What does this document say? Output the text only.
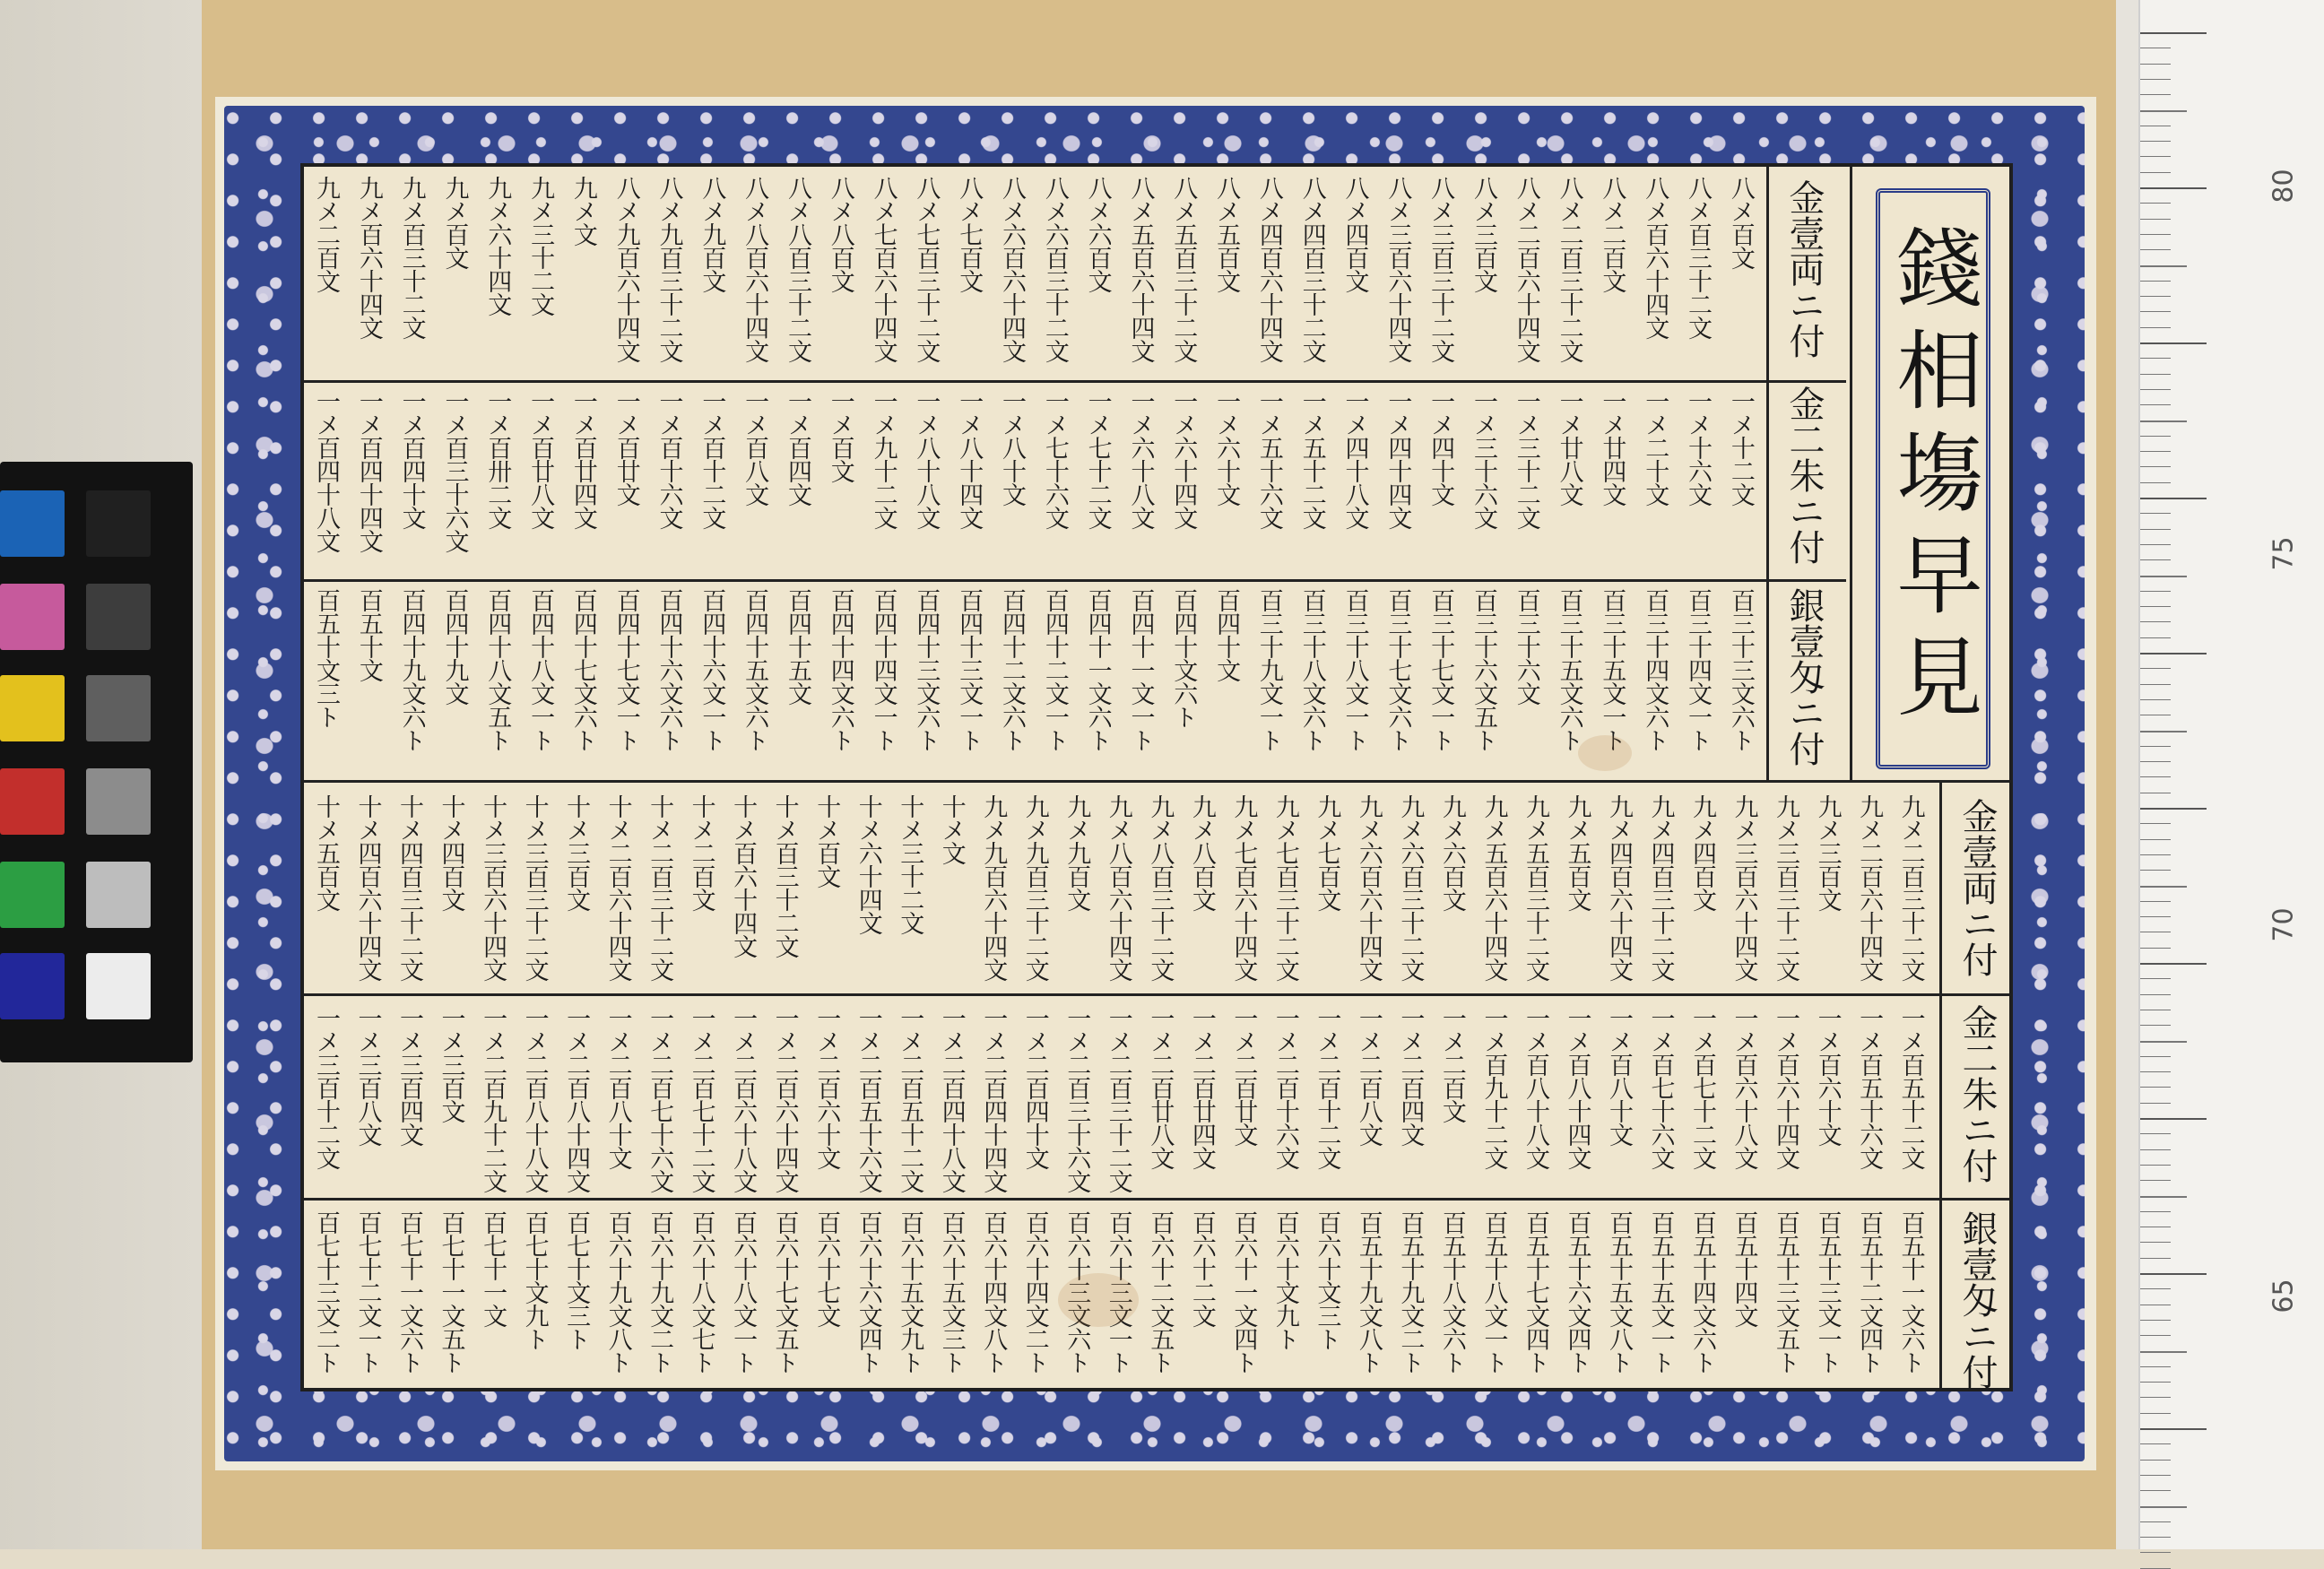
80
75
70
65
八メ百文
八メ百三十二文
八メ百六十四文
八メ二百文
八メ二百三十二文
八メ二百六十四文
八メ三百文
八メ三百三十二文
八メ三百六十四文
八メ四百文
八メ四百三十二文
八メ四百六十四文
八メ五百文
八メ五百三十二文
八メ五百六十四文
八メ六百文
八メ六百三十二文
八メ六百六十四文
八メ七百文
八メ七百三十二文
八メ七百六十四文
八メ八百文
八メ八百三十二文
八メ八百六十四文
八メ九百文
八メ九百三十二文
八メ九百六十四文
九メ文
九メ三十二文
九メ六十四文
九メ百文
九メ百三十二文
九メ百六十四文
九メ二百文
一メ十二文
一メ十六文
一メ二十文
一メ廿四文
一メ廿八文
一メ三十二文
一メ三十六文
一メ四十文
一メ四十四文
一メ四十八文
一メ五十二文
一メ五十六文
一メ六十文
一メ六十四文
一メ六十八文
一メ七十二文
一メ七十六文
一メ八十文
一メ八十四文
一メ八十八文
一メ九十二文
一メ百文
一メ百四文
一メ百八文
一メ百十二文
一メ百十六文
一メ百廿文
一メ百廿四文
一メ百廿八文
一メ百卅二文
一メ百三十六文
一メ百四十文
一メ百四十四文
一メ百四十八文
百三十三文六ト
百三十四文一ト
百三十四文六ト
百三十五文一ト
百三十五文六ト
百三十六文
百三十六文五ト
百三十七文一ト
百三十七文六ト
百三十八文一ト
百三十八文六ト
百三十九文一ト
百四十文
百四十文六ト
百四十一文一ト
百四十一文六ト
百四十二文一ト
百四十二文六ト
百四十三文一ト
百四十三文六ト
百四十四文一ト
百四十四文六ト
百四十五文
百四十五文六ト
百四十六文一ト
百四十六文六ト
百四十七文一ト
百四十七文六ト
百四十八文一ト
百四十八文五ト
百四十九文
百四十九文六ト
百五十文
百五十文三ト
九メ二百三十二文
九メ二百六十四文
九メ三百文
九メ三百三十二文
九メ三百六十四文
九メ四百文
九メ四百三十二文
九メ四百六十四文
九メ五百文
九メ五百三十二文
九メ五百六十四文
九メ六百文
九メ六百三十二文
九メ六百六十四文
九メ七百文
九メ七百三十二文
九メ七百六十四文
九メ八百文
九メ八百三十二文
九メ八百六十四文
九メ九百文
九メ九百三十二文
九メ九百六十四文
十メ文
十メ三十二文
十メ六十四文
十メ百文
十メ百三十二文
十メ百六十四文
十メ二百文
十メ二百三十二文
十メ二百六十四文
十メ三百文
十メ三百三十二文
十メ三百六十四文
十メ四百文
十メ四百三十二文
十メ四百六十四文
十メ五百文
一メ百五十二文
一メ百五十六文
一メ百六十文
一メ百六十四文
一メ百六十八文
一メ百七十二文
一メ百七十六文
一メ百八十文
一メ百八十四文
一メ百八十八文
一メ百九十二文
一メ二百文
一メ二百四文
一メ二百八文
一メ二百十二文
一メ二百十六文
一メ二百廿文
一メ二百廿四文
一メ二百廿八文
一メ二百三十二文
一メ二百三十六文
一メ二百四十文
一メ二百四十四文
一メ二百四十八文
一メ二百五十二文
一メ二百五十六文
一メ二百六十文
一メ二百六十四文
一メ二百六十八文
一メ二百七十二文
一メ二百七十六文
一メ二百八十文
一メ二百八十四文
一メ二百八十八文
一メ二百九十二文
一メ三百文
一メ三百四文
一メ三百八文
一メ三百十二文
百五十一文六ト
百五十二文四ト
百五十三文一ト
百五十三文五ト
百五十四文
百五十四文六ト
百五十五文一ト
百五十五文八ト
百五十六文四ト
百五十七文四ト
百五十八文一ト
百五十八文六ト
百五十九文二ト
百五十九文八ト
百六十文三ト
百六十文九ト
百六十一文四ト
百六十二文
百六十二文五ト
百六十三文一ト
百六十三文六ト
百六十四文二ト
百六十四文八ト
百六十五文三ト
百六十五文九ト
百六十六文四ト
百六十七文
百六十七文五ト
百六十八文一ト
百六十八文七ト
百六十九文二ト
百六十九文八ト
百七十文三ト
百七十文九ト
百七十一文
百七十一文五ト
百七十一文六ト
百七十二文一ト
百七十三文二ト
金壹両ニ付
金二朱ニ付
銀壹匁ニ付
金壹両ニ付
金二朱ニ付
銀壹匁ニ付
錢相塲早見
